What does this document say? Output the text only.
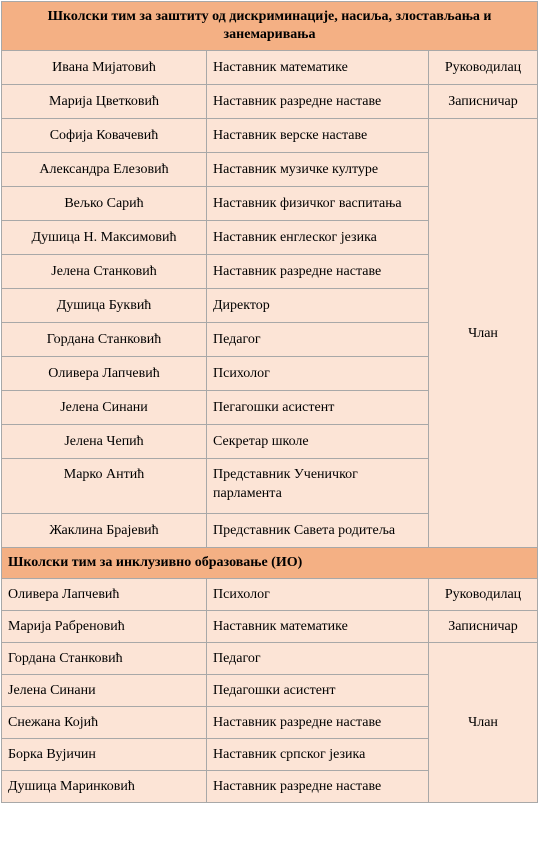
Школски тим за заштиту од дискриминације, насиља, злостављања и занемаривања		
Ивана Мијатовић	Наставник математике	Руководилац
Марија Цветковић	Наставник разредне наставе	Записничар
Софија Ковачевић	Наставник верске наставе	Члан
Александра Елезовић	Наставник музичке културе	
Вељко Сарић	Наставник физичког васпитања	
Душица Н. Максимовић	Наставник енглеског језика	
Јелена Станковић	Наставник разредне наставе	
Душица Буквић	Директор	
Гордана Станковић	Педагог	
Оливера Лапчевић	Психолог	
Јелена Синани	Пегагошки асистент	
Јелена Чепић	Секретар школе	
Марко Антић	Представник Ученичког парламента	
Жаклина Брајевић	Представник Савета родитеља	
Школски тим за инклузивно образовање (ИО)		
Оливера Лапчевић	Психолог	Руководилац
Марија Рабреновић	Наставник математике	Записничар
Гордана Станковић	Педагог	Члан
Јелена Синани	Педагошки асистент	
Снежана Којић	Наставник разредне наставе	
Борка Вујичин	Наставник српског језика	
Душица Маринковић	Наставник разредне наставе	
